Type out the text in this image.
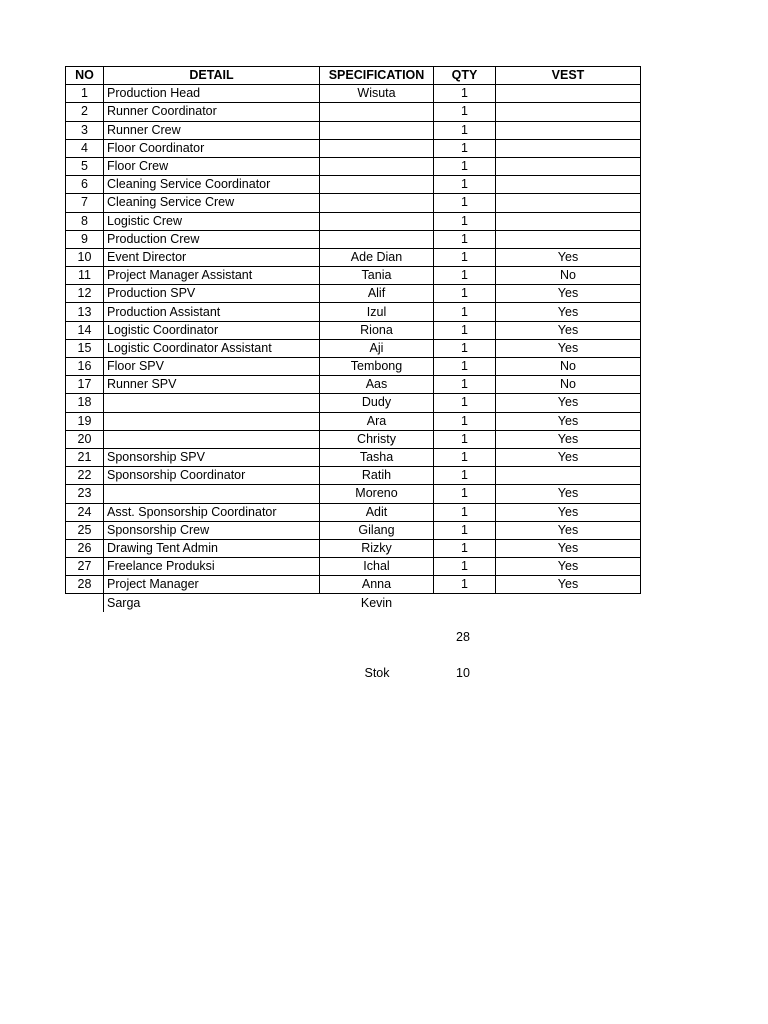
NO	DETAIL	SPECIFICATION	QTY	VEST
1	Production Head	Wisuta	1	
2	Runner Coordinator		1	
3	Runner Crew		1	
4	Floor Coordinator		1	
5	Floor Crew		1	
6	Cleaning Service Coordinator		1	
7	Cleaning Service Crew		1	
8	Logistic Crew		1	
9	Production Crew		1	
10	Event Director	Ade Dian	1	Yes
11	Project Manager Assistant	Tania	1	No
12	Production SPV	Alif	1	Yes
13	Production Assistant	Izul	1	Yes
14	Logistic Coordinator	Riona	1	Yes
15	Logistic Coordinator Assistant	Aji	1	Yes
16	Floor SPV	Tembong	1	No
17	Runner SPV	Aas	1	No
18		Dudy	1	Yes
19		Ara	1	Yes
20		Christy	1	Yes
21	Sponsorship SPV	Tasha	1	Yes
22	Sponsorship Coordinator	Ratih	1	
23		Moreno	1	Yes
24	Asst. Sponsorship Coordinator	Adit	1	Yes
25	Sponsorship Crew	Gilang	1	Yes
26	Drawing Tent Admin	Rizky	1	Yes
27	Freelance Produksi	Ichal	1	Yes
28	Project Manager	Anna	1	Yes
	Sarga	Kevin		
28
Stok	10
